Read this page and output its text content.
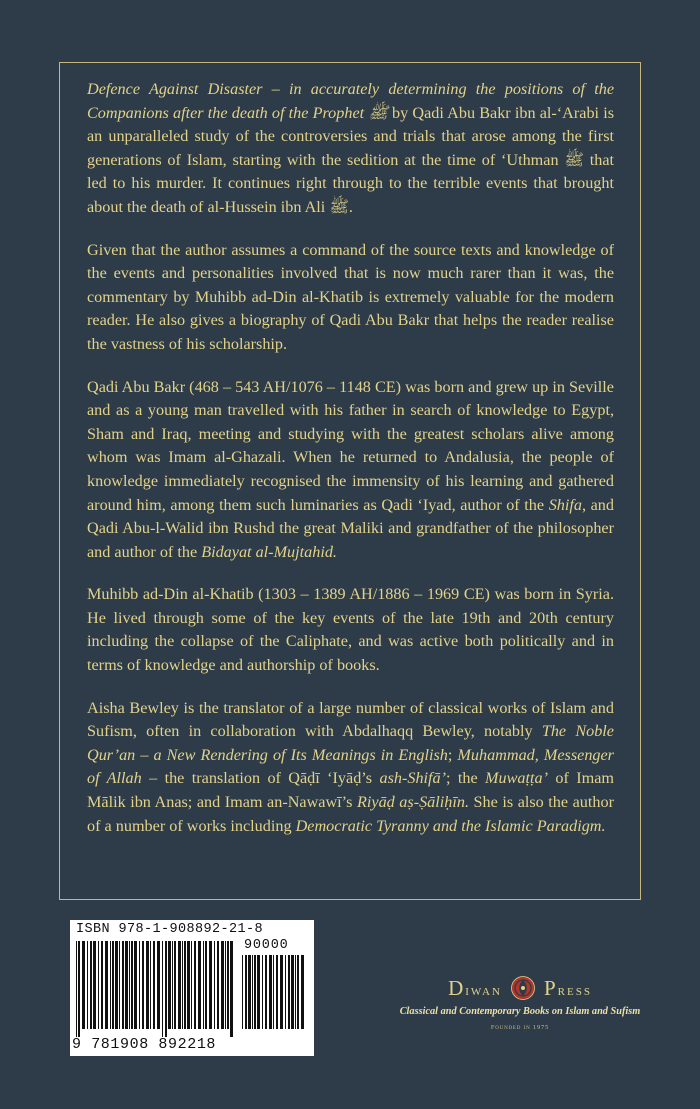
Defence Against Disaster – in accurately determining the positions of the Companions after the death of the Prophet ﷺ by Qadi Abu Bakr ibn al-‘Arabi is an unparalleled study of the controversies and trials that arose among the first generations of Islam, starting with the sedition at the time of ‘Uthman ﷺ that led to his murder. It continues right through to the terrible events that brought about the death of al-Hussein ibn Ali ﷺ.

Given that the author assumes a command of the source texts and knowledge of the events and personalities involved that is now much rarer than it was, the commentary by Muhibb ad-Din al-Khatib is extremely valuable for the modern reader. He also gives a biography of Qadi Abu Bakr that helps the reader realise the vastness of his scholarship.

Qadi Abu Bakr (468 – 543 AH/1076 – 1148 CE) was born and grew up in Seville and as a young man travelled with his father in search of knowledge to Egypt, Sham and Iraq, meeting and studying with the greatest scholars alive among whom was Imam al-Ghazali. When he returned to Andalusia, the people of knowledge immediately recognised the immensity of his learning and gathered around him, among them such luminaries as Qadi ‘Iyad, author of the Shifa, and Qadi Abu-l-Walid ibn Rushd the great Maliki and grandfather of the philosopher and author of the Bidayat al-Mujtahid.

Muhibb ad-Din al-Khatib (1303 – 1389 AH/1886 – 1969 CE) was born in Syria. He lived through some of the key events of the late 19th and 20th century including the collapse of the Caliphate, and was active both politically and in terms of knowledge and authorship of books.

Aisha Bewley is the translator of a large number of classical works of Islam and Sufism, often in collaboration with Abdalhaqq Bewley, notably The Noble Qur’an – a New Rendering of Its Meanings in English; Muhammad, Messenger of Allah – the translation of Qāḍī ‘Iyāḍ’s ash-Shifā’; the Muwaṭṭa’ of Imam Mālik ibn Anas; and Imam an-Nawawī’s Riyāḍ aṣ-Ṣāliḥīn. She is also the author of a number of works including Democratic Tyranny and the Islamic Paradigm.

ISBN 978-1-908892-21-8
90000
9 781908 892218
Diwan Press
Classical and Contemporary Books on Islam and Sufism
Founded in 1975
